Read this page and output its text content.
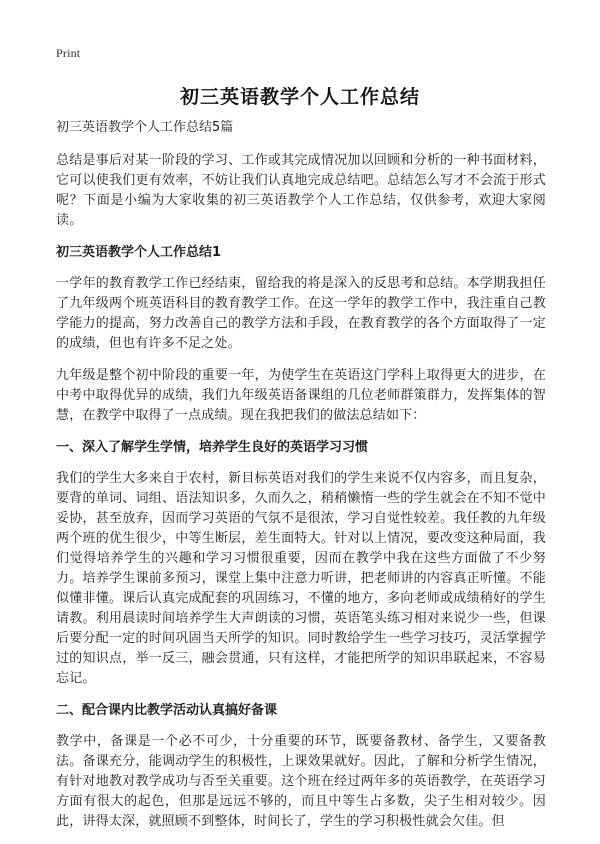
Print
初三英语教学个人工作总结

初三英语教学个人工作总结5篇

总结是事后对某一阶段的学习、工作或其完成情况加以回顾和分析的一种书面材料，它可以使我们更有效率，不妨让我们认真地完成总结吧。总结怎么写才不会流于形式呢？下面是小编为大家收集的初三英语教学个人工作总结，仅供参考，欢迎大家阅读。

初三英语教学个人工作总结1

一学年的教育教学工作已经结束，留给我的将是深入的反思考和总结。本学期我担任了九年级两个班英语科目的教育教学工作。在这一学年的教学工作中，我注重自己教学能力的提高，努力改善自己的教学方法和手段，在教育教学的各个方面取得了一定的成绩，但也有许多不足之处。

九年级是整个初中阶段的重要一年，为使学生在英语这门学科上取得更大的进步，在中考中取得优异的成绩，我们九年级英语备课组的几位老师群策群力，发挥集体的智慧，在教学中取得了一点成绩。现在我把我们的做法总结如下：

一、深入了解学生学情，培养学生良好的英语学习习惯

我们的学生大多来自于农村，新目标英语对我们的学生来说不仅内容多，而且复杂，要背的单词、词组、语法知识多，久而久之，稍稍懒惰一些的学生就会在不知不觉中妥协，甚至放弃，因而学习英语的气氛不是很浓，学习自觉性较差。我任教的九年级两个班的优生很少，中等生断层，差生面特大。针对以上情况，要改变这种局面，我们觉得培养学生的兴趣和学习习惯很重要，因而在教学中我在这些方面做了不少努力。培养学生课前多预习，课堂上集中注意力听讲，把老师讲的内容真正听懂。不能似懂非懂。课后认真完成配套的巩固练习，不懂的地方，多向老师或成绩稍好的学生请教。利用晨读时间培养学生大声朗读的习惯，英语笔头练习相对来说少一些，但课后要分配一定的时间巩固当天所学的知识。同时教给学生一些学习技巧，灵活掌握学过的知识点，举一反三，融会贯通，只有这样，才能把所学的知识串联起来，不容易忘记。

二、配合课内比教学活动认真搞好备课

教学中，备课是一个必不可少，十分重要的环节，既要备教材、备学生，又要备教法。备课充分，能调动学生的积极性，上课效果就好。因此，了解和分析学生情况，有针对地教对教学成功与否至关重要。这个班在经过两年多的英语教学，在英语学习方面有很大的起色，但那是远远不够的，而且中等生占多数，尖子生相对较少。因此，讲得太深，就照顾不到整体，时间长了，学生的学习积极性就会欠佳。但
